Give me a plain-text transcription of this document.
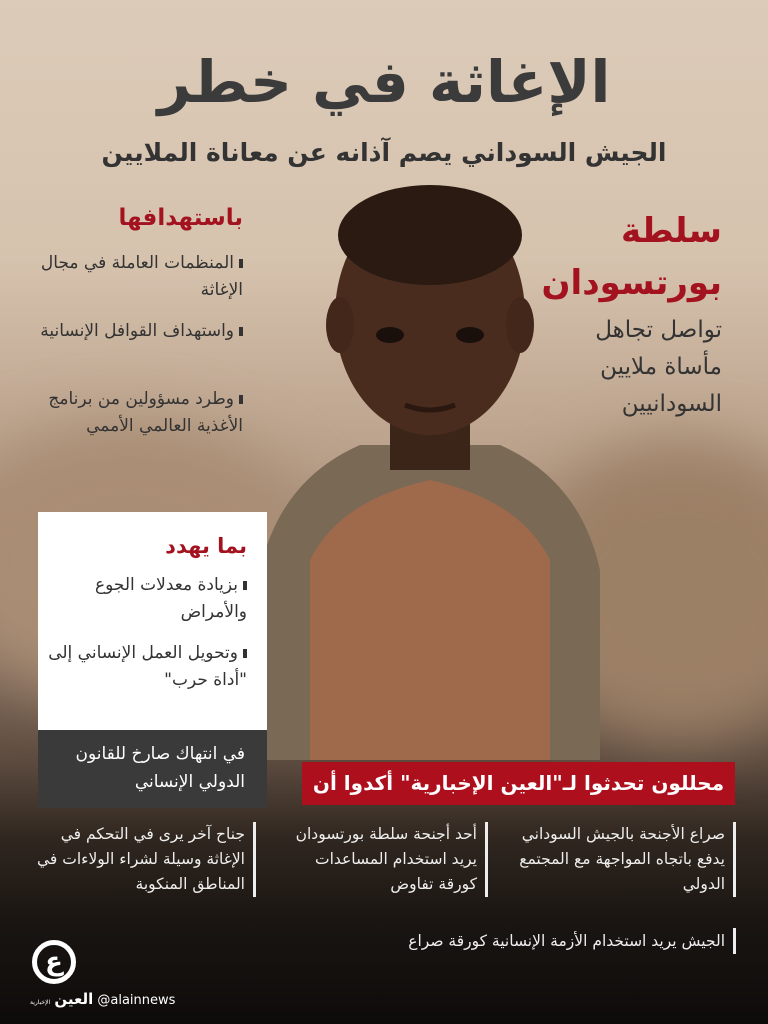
الإغاثة في خطر
الجيش السوداني يصم آذانه عن معاناة الملايين
سلطة
بورتسودان
تواصل تجاهل
مأساة ملايين
السودانيين
باستهدافها
المنظمات العاملة في مجال الإغاثة
واستهداف القوافل الإنسانية
وطرد مسؤولين من برنامج الأغذية العالمي الأممي
بما يهدد

بزيادة معدلات الجوع والأمراض

وتحويل العمل الإنساني إلى "أداة حرب"

في انتهاك صارخ للقانون الدولي الإنساني	محللون تحدثوا لـ"العين الإخبارية" أكدوا أن
صراع الأجنحة بالجيش السوداني يدفع باتجاه المواجهة مع المجتمع الدولي
أحد أجنحة سلطة بورتسودان يريد استخدام المساعدات كورقة تفاوض
جناح آخر يرى في التحكم في الإغاثة وسيلة لشراء الولاءات في المناطق المنكوبة
الجيش يريد استخدام الأزمة الإنسانية كورقة صراع
ع
العين الإخبارية	@alainnews
